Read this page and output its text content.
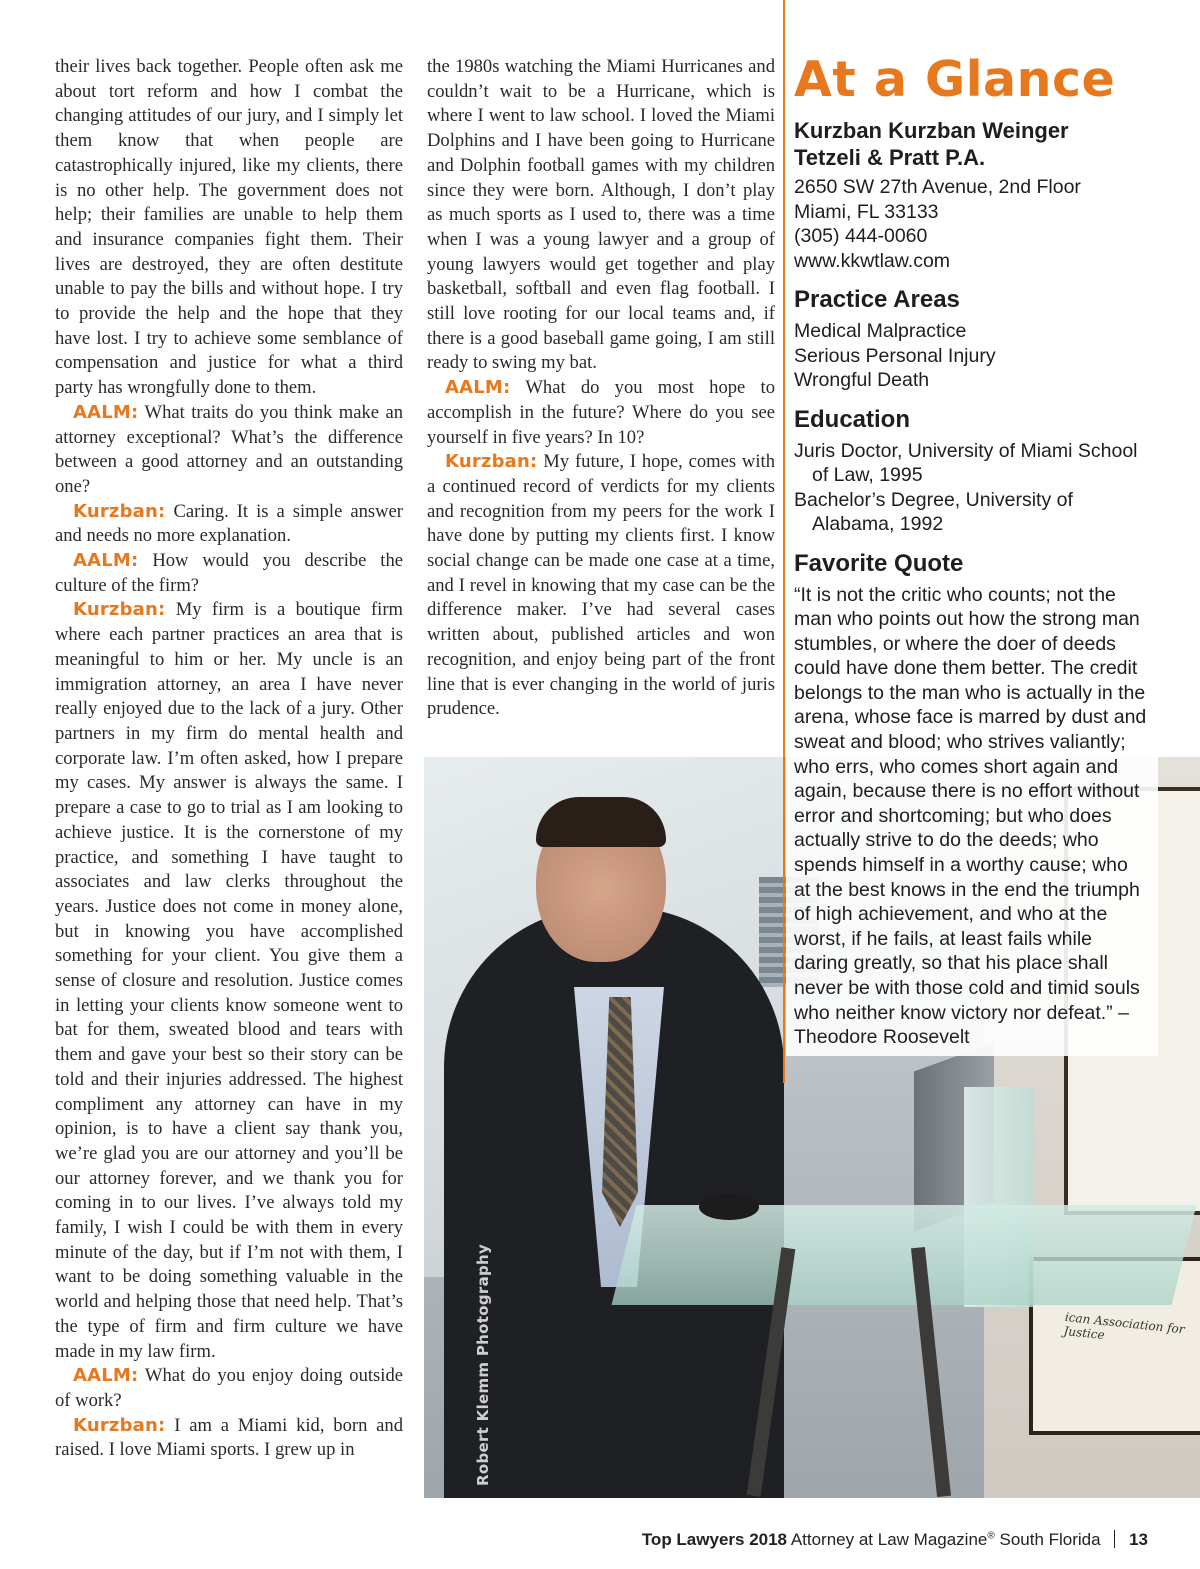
their lives back together. People often ask me about tort reform and how I combat the changing attitudes of our jury, and I simply let them know that when people are catastrophically injured, like my clients, there is no other help. The government does not help; their families are unable to help them and insurance companies fight them. Their lives are destroyed, they are often destitute unable to pay the bills and without hope. I try to provide the help and the hope that they have lost. I try to achieve some semblance of compensation and justice for what a third party has wrongfully done to them.

AALM: What traits do you think make an attorney exceptional? What’s the difference between a good attorney and an outstanding one?

Kurzban: Caring. It is a simple answer and needs no more explanation.

AALM: How would you describe the culture of the firm?

Kurzban: My firm is a boutique firm where each partner practices an area that is meaningful to him or her. My uncle is an immigration attorney, an area I have never really enjoyed due to the lack of a jury. Other partners in my firm do mental health and corporate law. I’m often asked, how I prepare my cases. My answer is always the same. I prepare a case to go to trial as I am looking to achieve justice. It is the cornerstone of my practice, and something I have taught to associates and law clerks throughout the years. Justice does not come in money alone, but in knowing you have accomplished something for your client. You give them a sense of closure and resolution. Justice comes in letting your clients know someone went to bat for them, sweated blood and tears with them and gave your best so their story can be told and their injuries addressed. The highest compliment any attorney can have in my opinion, is to have a client say thank you, we’re glad you are our attorney and you’ll be our attorney forever, and we thank you for coming in to our lives. I’ve always told my family, I wish I could be with them in every minute of the day, but if I’m not with them, I want to be doing something valuable in the world and helping those that need help. That’s the type of firm and firm culture we have made in my law firm.

AALM: What do you enjoy doing outside of work?

Kurzban: I am a Miami kid, born and raised. I love Miami sports. I grew up in

the 1980s watching the Miami Hurricanes and couldn’t wait to be a Hurricane, which is where I went to law school. I loved the Miami Dolphins and I have been going to Hurricane and Dolphin football games with my children since they were born. Although, I don’t play as much sports as I used to, there was a time when I was a young lawyer and a group of young lawyers would get together and play basketball, softball and even flag football. I still love rooting for our local teams and, if there is a good baseball game going, I am still ready to swing my bat.

AALM: What do you most hope to accomplish in the future? Where do you see yourself in five years? In 10?

Kurzban: My future, I hope, comes with a continued record of verdicts for my clients and recognition from my peers for the work I have done by putting my clients first. I know social change can be made one case at a time, and I revel in knowing that my case can be the difference maker. I’ve had several cases written about, published articles and won recognition, and enjoy being part of the front line that is ever changing in the world of juris prudence.

ican Association for Justice
Robert Klemm Photography
At a Glance
Kurzban Kurzban Weinger
Tetzeli & Pratt P.A.
2650 SW 27th Avenue, 2nd Floor
Miami, FL 33133
(305) 444-0060
www.kkwtlaw.com
Practice Areas
Medical Malpractice
Serious Personal Injury
Wrongful Death
Education
Juris Doctor, University of Miami School of Law, 1995
Bachelor’s Degree, University of Alabama, 1992
Favorite Quote
“It is not the critic who counts; not the man who points out how the strong man stumbles, or where the doer of deeds could have done them better. The credit belongs to the man who is actually in the arena, whose face is marred by dust and sweat and blood; who strives valiantly; who errs, who comes short again and again, because there is no effort without error and shortcoming; but who does actually strive to do the deeds; who spends himself in a worthy cause; who at the best knows in the end the triumph of high achievement, and who at the worst, if he fails, at least fails while daring greatly, so that his place shall never be with those cold and timid souls who neither know victory nor defeat.” – Theodore Roosevelt
Top Lawyers 2018 Attorney at Law Magazine® South Florida 13
